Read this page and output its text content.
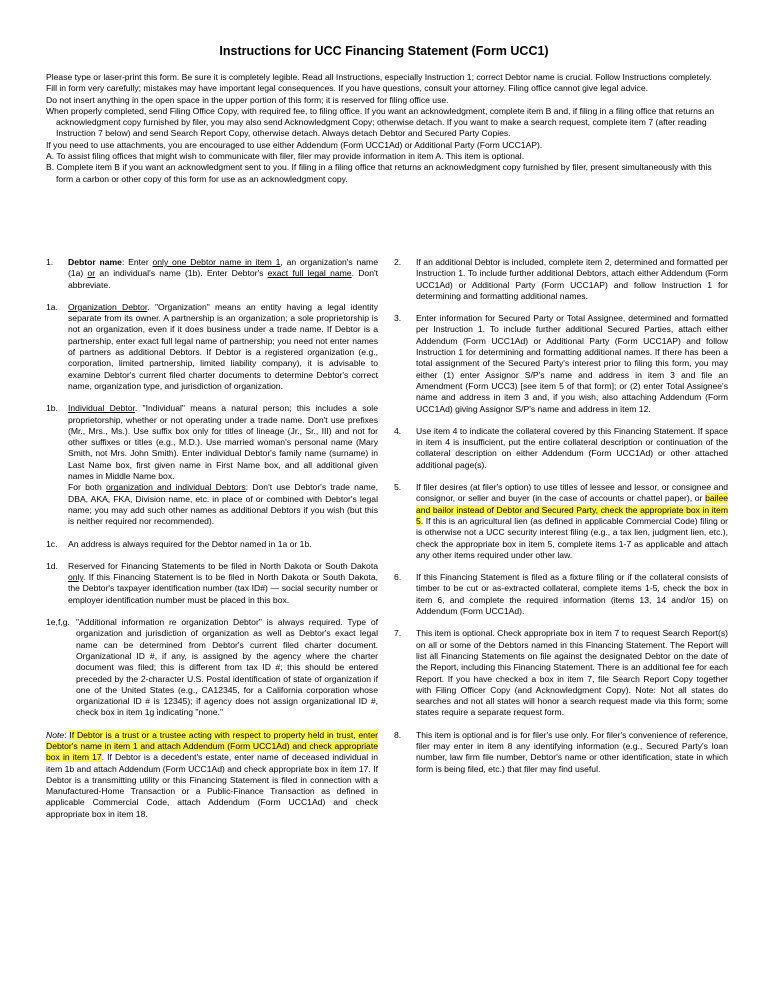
Instructions for UCC Financing Statement (Form UCC1)

Please type or laser-print this form. Be sure it is completely legible. Read all Instructions, especially Instruction 1; correct Debtor name is crucial. Follow Instructions completely.

Fill in form very carefully; mistakes may have important legal consequences. If you have questions, consult your attorney. Filing office cannot give legal advice.

Do not insert anything in the open space in the upper portion of this form; it is reserved for filing office use.

When properly completed, send Filing Office Copy, with required fee, to filing office. If you want an acknowledgment, complete item B and, if filing in a filing office that returns an acknowledgment copy furnished by filer, you may also send Acknowledgment Copy; otherwise detach. If you want to make a search request, complete item 7 (after reading Instruction 7 below) and send Search Report Copy, otherwise detach. Always detach Debtor and Secured Party Copies.

If you need to use attachments, you are encouraged to use either Addendum (Form UCC1Ad) or Additional Party (Form UCC1AP).

A. To assist filing offices that might wish to communicate with filer, filer may provide information in item A. This item is optional.

B. Complete item B if you want an acknowledgment sent to you. If filing in a filing office that returns an acknowledgment copy furnished by filer, present simultaneously with this form a carbon or other copy of this form for use as an acknowledgment copy.

1. Debtor name: Enter only one Debtor name in item 1, an organization's name (1a) or an individual's name (1b). Enter Debtor's exact full legal name. Don't abbreviate.
1a. Organization Debtor. "Organization" means an entity having a legal identity separate from its owner. A partnership is an organization; a sole proprietorship is not an organization, even if it does business under a trade name. If Debtor is a partnership, enter exact full legal name of partnership; you need not enter names of partners as additional Debtors. If Debtor is a registered organization (e.g., corporation, limited partnership, limited liability company), it is advisable to examine Debtor's current filed charter documents to determine Debtor's correct name, organization type, and jurisdiction of organization.
1b. Individual Debtor. "Individual" means a natural person; this includes a sole proprietorship, whether or not operating under a trade name. Don't use prefixes (Mr., Mrs., Ms.). Use suffix box only for titles of lineage (Jr., Sr., III) and not for other suffixes or titles (e.g., M.D.). Use married woman's personal name (Mary Smith, not Mrs. John Smith). Enter individual Debtor's family name (surname) in Last Name box, first given name in First Name box, and all additional given names in Middle Name box.
For both organization and individual Debtors: Don't use Debtor's trade name, DBA, AKA, FKA, Division name, etc. in place of or combined with Debtor's legal name; you may add such other names as additional Debtors if you wish (but this is neither required nor recommended).
1c. An address is always required for the Debtor named in 1a or 1b.
1d. Reserved for Financing Statements to be filed in North Dakota or South Dakota only. If this Financing Statement is to be filed in North Dakota or South Dakota, the Debtor's taxpayer identification number (tax ID#) — social security number or employer identification number must be placed in this box.
1e,f,g. "Additional information re organization Debtor" is always required. Type of organization and jurisdiction of organization as well as Debtor's exact legal name can be determined from Debtor's current filed charter document. Organizational ID #, if any, is assigned by the agency where the charter document was filed; this is different from tax ID #; this should be entered preceded by the 2-character U.S. Postal identification of state of organization if one of the United States (e.g., CA12345, for a California corporation whose organizational ID # is 12345); if agency does not assign organizational ID #, check box in item 1g indicating "none."
Note: If Debtor is a trust or a trustee acting with respect to property held in trust, enter Debtor's name in item 1 and attach Addendum (Form UCC1Ad) and check appropriate box in item 17. If Debtor is a decedent's estate, enter name of deceased individual in item 1b and attach Addendum (Form UCC1Ad) and check appropriate box in item 17. If Debtor is a transmitting utility or this Financing Statement is filed in connection with a Manufactured-Home Transaction or a Public-Finance Transaction as defined in applicable Commercial Code, attach Addendum (Form UCC1Ad) and check appropriate box in item 18.
2. If an additional Debtor is included, complete item 2, determined and formatted per Instruction 1. To include further additional Debtors, attach either Addendum (Form UCC1Ad) or Additional Party (Form UCC1AP) and follow Instruction 1 for determining and formatting additional names.
3. Enter information for Secured Party or Total Assignee, determined and formatted per Instruction 1. To include further additional Secured Parties, attach either Addendum (Form UCC1Ad) or Additional Party (Form UCC1AP) and follow Instruction 1 for determining and formatting additional names. If there has been a total assignment of the Secured Party's interest prior to filing this form, you may either (1) enter Assignor S/P's name and address in item 3 and file an Amendment (Form UCC3) [see item 5 of that form]; or (2) enter Total Assignee's name and address in item 3 and, if you wish, also attaching Addendum (Form UCC1Ad) giving Assignor S/P's name and address in item 12.
4. Use item 4 to indicate the collateral covered by this Financing Statement. If space in item 4 is insufficient, put the entire collateral description or continuation of the collateral description on either Addendum (Form UCC1Ad) or other attached additional page(s).
5. If filer desires (at filer's option) to use titles of lessee and lessor, or consignee and consignor, or seller and buyer (in the case of accounts or chattel paper), or bailee and bailor instead of Debtor and Secured Party, check the appropriate box in item 5. If this is an agricultural lien (as defined in applicable Commercial Code) filing or is otherwise not a UCC security interest filing (e.g., a tax lien, judgment lien, etc.), check the appropriate box in item 5, complete items 1-7 as applicable and attach any other items required under other law.
6. If this Financing Statement is filed as a fixture filing or if the collateral consists of timber to be cut or as-extracted collateral, complete items 1-5, check the box in item 6, and complete the required information (items 13, 14 and/or 15) on Addendum (Form UCC1Ad).
7. This item is optional. Check appropriate box in item 7 to request Search Report(s) on all or some of the Debtors named in this Financing Statement. The Report will list all Financing Statements on file against the designated Debtor on the date of the Report, including this Financing Statement. There is an additional fee for each Report. If you have checked a box in item 7, file Search Report Copy together with Filing Officer Copy (and Acknowledgment Copy). Note: Not all states do searches and not all states will honor a search request made via this form; some states require a separate request form.
8. This item is optional and is for filer's use only. For filer's convenience of reference, filer may enter in item 8 any identifying information (e.g., Secured Party's loan number, law firm file number, Debtor's name or other identification, state in which form is being filed, etc.) that filer may find useful.
